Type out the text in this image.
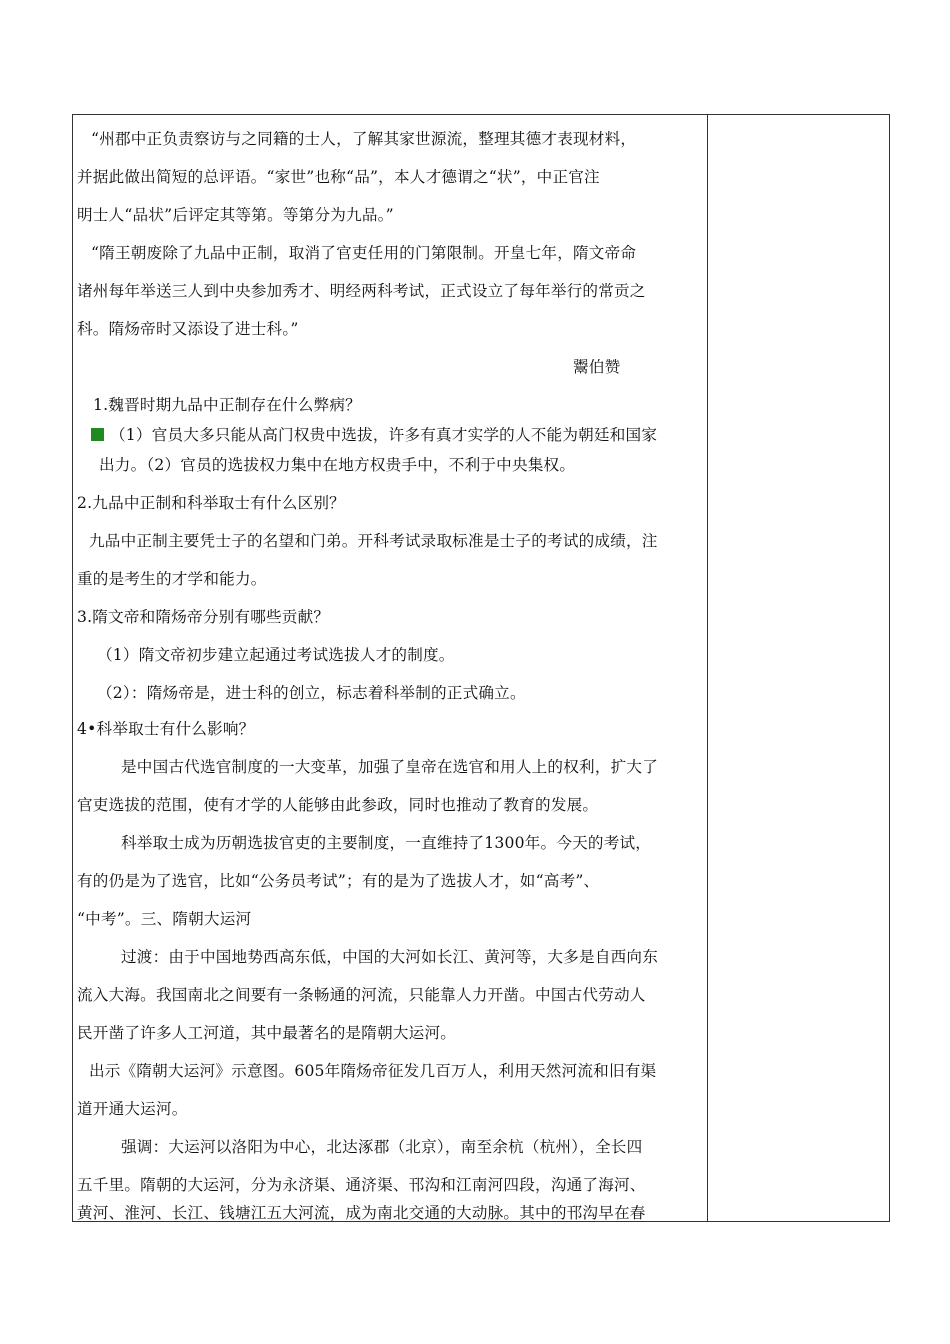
“州郡中正负责察访与之同籍的士人，了解其家世源流，整理其德才表现材料，
并据此做出简短的总评语。“家世”也称“品”，本人才德谓之“状”，中正官注
明士人“品状”后评定其等第。等第分为九品。”
“隋王朝废除了九品中正制，取消了官吏任用的门第限制。开皇七年，隋文帝命
诸州每年举送三人到中央参加秀才、明经两科考试，正式设立了每年举行的常贡之
科。隋炀帝时又添设了进士科。”
鬻伯赞
1.魏晋时期九品中正制存在什么弊病？
（1）官员大多只能从高门权贵中选拔，许多有真才实学的人不能为朝廷和国家
出力。（2）官员的选拔权力集中在地方权贵手中，不利于中央集权。
2.九品中正制和科举取士有什么区别？
九品中正制主要凭士子的名望和门弟。开科考试录取标准是士子的考试的成绩，注
重的是考生的才学和能力。
3.隋文帝和隋炀帝分别有哪些贡献？
（1）隋文帝初步建立起通过考试选拔人才的制度。
（2）：隋炀帝是，进士科的创立，标志着科举制的正式确立。
4•科举取士有什么影响？
是中国古代选官制度的一大变革，加强了皇帝在选官和用人上的权利，扩大了
官吏选拔的范围，使有才学的人能够由此参政，同时也推动了教育的发展。
科举取士成为历朝选拔官吏的主要制度，一直维持了1300年。今天的考试，
有的仍是为了选官，比如“公务员考试”；有的是为了选拔人才，如“高考”、
“中考”。三、隋朝大运河
过渡：由于中国地势西高东低，中国的大河如长江、黄河等，大多是自西向东
流入大海。我国南北之间要有一条畅通的河流，只能靠人力开凿。中国古代劳动人
民开凿了许多人工河道，其中最著名的是隋朝大运河。
出示《隋朝大运河》示意图。605年隋炀帝征发几百万人，利用天然河流和旧有渠
道开通大运河。
强调：大运河以洛阳为中心，北达涿郡（北京），南至余杭（杭州），全长四
五千里。隋朝的大运河，分为永济渠、通济渠、邗沟和江南河四段，沟通了海河、
黄河、淮河、长江、钱塘江五大河流，成为南北交通的大动脉。其中的邗沟早在春
